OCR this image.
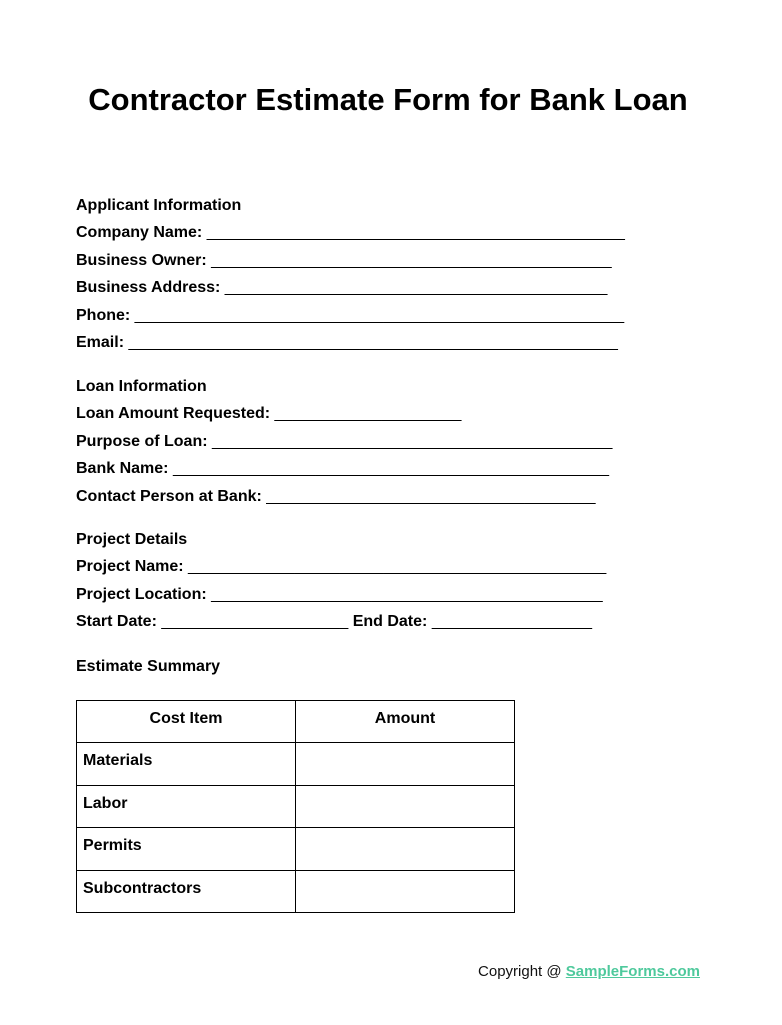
Contractor Estimate Form for Bank Loan
Applicant Information
Company Name: _______________________________________________
Business Owner: _____________________________________________
Business Address: ___________________________________________
Phone: _______________________________________________________
Email: _______________________________________________________
Loan Information
Loan Amount Requested: _____________________
Purpose of Loan: _____________________________________________
Bank Name: _________________________________________________
Contact Person at Bank: _____________________________________
Project Details
Project Name: _______________________________________________
Project Location: ____________________________________________
Start Date: _____________________ End Date: __________________
Estimate Summary
Cost Item	Amount
Materials	
Labor	
Permits	
Subcontractors	
Copyright @ SampleForms.com
